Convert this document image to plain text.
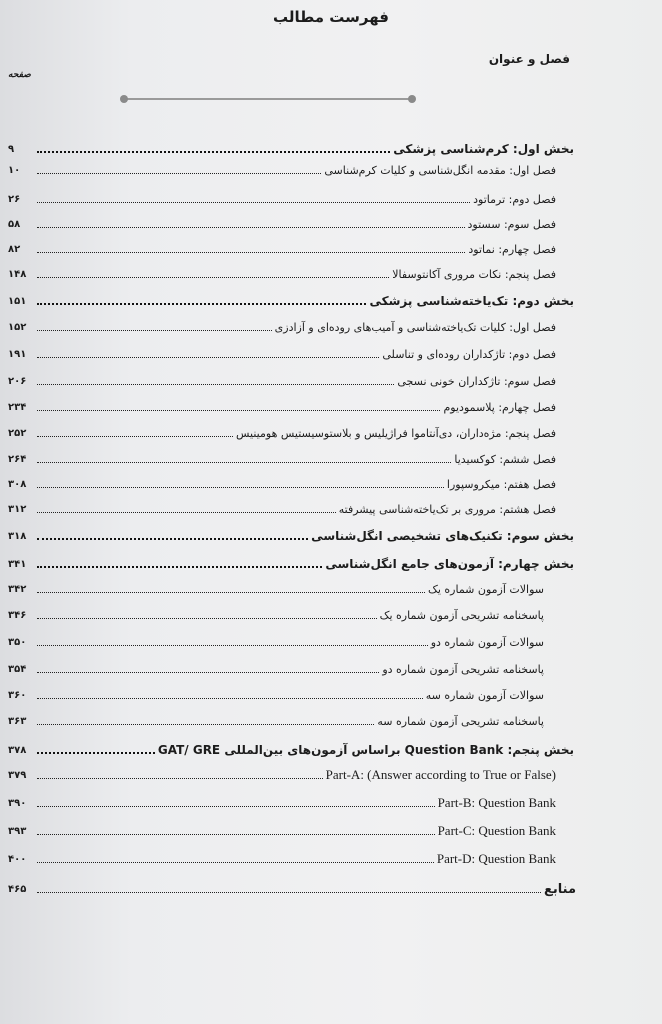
فهرست مطالب
فصل و عنوان
صفحه
۹	بخش اول: کرم‌شناسی پزشکی
۱۰	فصل اول: مقدمه انگل‌شناسی و کلیات کرم‌شناسی
۲۶	فصل دوم: ترماتود
۵۸	فصل سوم: سستود
۸۲	فصل چهارم: نماتود
۱۴۸	فصل پنجم: نکات مروری آکانتوسفالا
۱۵۱	بخش دوم: تک‌یاخته‌شناسی پزشکی
۱۵۲	فصل اول: کلیات تک‌یاخته‌شناسی و آمیب‌های روده‌ای و آزادزی
۱۹۱	فصل دوم: تاژکداران روده‌ای و تناسلی
۲۰۶	فصل سوم: تاژکداران خونی نسجی
۲۳۴	فصل چهارم: پلاسمودیوم
۲۵۲	فصل پنجم: مژه‌داران، دی‌آنتاموا فراژیلیس و بلاستوسیستیس هومینیس
۲۶۴	فصل ششم: کوکسیدیا
۳۰۸	فصل هفتم: میکروسپورا
۳۱۲	فصل هشتم: مروری بر تک‌یاخته‌شناسی پیشرفته
۳۱۸	بخش سوم: تکنیک‌های تشخیصی انگل‌شناسی
۳۴۱	بخش چهارم: آزمون‌های جامع انگل‌شناسی
۳۴۲	سوالات آزمون شماره یک
۳۴۶	پاسخنامه تشریحی آزمون شماره یک
۳۵۰	سوالات آزمون شماره دو
۳۵۴	پاسخنامه تشریحی آزمون شماره دو
۳۶۰	سوالات آزمون شماره سه
۳۶۳	پاسخنامه تشریحی آزمون شماره سه
۳۷۸	بخش پنجم: Question Bank براساس آزمون‌های بین‌المللی GAT/ GRE
۳۷۹	Part-A: (Answer according to True or False)
۳۹۰	Part-B: Question Bank
۳۹۳	Part-C: Question Bank
۴۰۰	Part-D: Question Bank
۴۶۵	منابع
